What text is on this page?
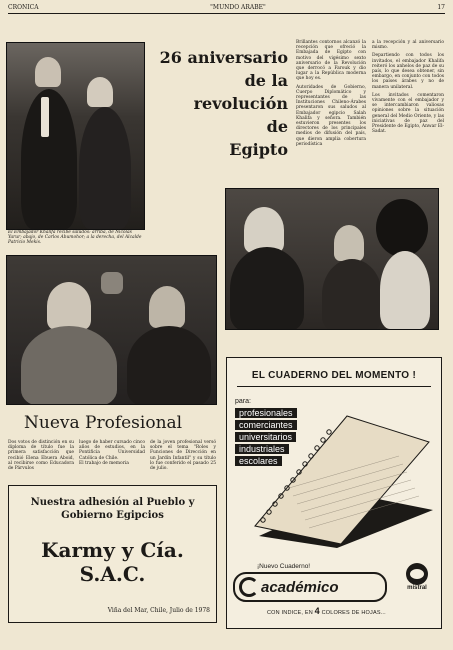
CRONICA	"MUNDO ARABE"	17
El Embajador Khalifa recibe saludos: arriba, de Nicolás Yarur; abajo, de Carlos Abumohor; a la derecha, del Alcalde Patricio Mekis.
26 aniversario
de la
revolución
de
Egipto

Brillantes contornos alcanzó la recepción que ofreció la Embajada de Egipto con motivo del vigésimo sexto aniversario de la Revolución que derrocó a Farouk y dio lugar a la República moderna que hoy es.

Autoridades de Gobierno, Cuerpo Diplomático y representantes de las Instituciones Chileno-Árabes presentaron sus saludos al Embajador egipcio Salah Khalifa y señora. También estuvieron presentes los directores de los principales medios de difusión del país, que dieron amplia cobertura periodística

a la recepción y al aniversario mismo.

Departiendo con todos los invitados, el embajador Khalifa reiteró los anhelos de paz de su país, lo que desea obtener, sin embargo, en conjunto con todos los países árabes y no de manera unilateral.

Los invitados comentaron vivamente con el embajador y se intercambiaron valiosas opiniones sobre la situación general del Medio Oriente, y las iniciativas de paz del Presidente de Egipto, Anwar El-Sadat.

Nueva Profesional
Dos votos de distinción en su diploma de título fue la primera satisfacción que recibió Elena Ebuera Aboid, al recibirse como Educadora de Párvulos
luego de haber cursado cinco años de estudios, en la Pontificia Universidad Católica de Chile.
El trabajo de memoria
de la joven profesional versó sobre el tema "Roles y Funciones de Dirección en un Jardín Infantil" y su título lo fue conferido el pasado 25 de julio.
Nuestra adhesión al Pueblo y
Gobierno Egipcios
Karmy y Cía.
S.A.C.
Viña del Mar, Chile, Julio de 1978
EL CUADERNO DEL MOMENTO !
para:
profesionales
comerciantes
universitarios
industriales
escolares
¡Nuevo Cuaderno!
académico	mistral
CON INDICE, EN 4 COLORES DE HOJAS...
